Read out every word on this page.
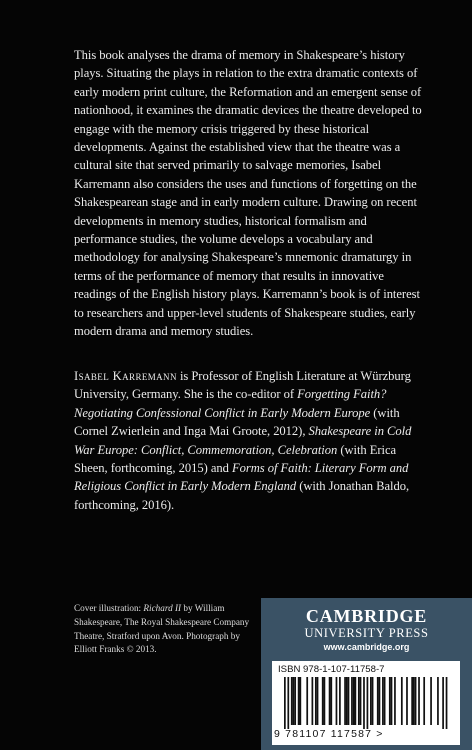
This book analyses the drama of memory in Shakespeare’s history plays. Situating the plays in relation to the extra dramatic contexts of early modern print culture, the Reformation and an emergent sense of nationhood, it examines the dramatic devices the theatre developed to engage with the memory crisis triggered by these historical developments. Against the established view that the theatre was a cultural site that served primarily to salvage memories, Isabel Karremann also considers the uses and functions of forgetting on the Shakespearean stage and in early modern culture. Drawing on recent developments in memory studies, historical formalism and performance studies, the volume develops a vocabulary and methodology for analysing Shakespeare’s mnemonic dramaturgy in terms of the performance of memory that results in innovative readings of the English history plays. Karremann’s book is of interest to researchers and upper-level students of Shakespeare studies, early modern drama and memory studies.

Isabel Karremann is Professor of English Literature at Würzburg University, Germany. She is the co-editor of Forgetting Faith? Negotiating Confessional Conflict in Early Modern Europe (with Cornel Zwierlein and Inga Mai Groote, 2012), Shakespeare in Cold War Europe: Conflict, Commemoration, Celebration (with Erica Sheen, forthcoming, 2015) and Forms of Faith: Literary Form and Religious Conflict in Early Modern England (with Jonathan Baldo, forthcoming, 2016).

Cover illustration: Richard II by William Shakespeare, The Royal Shakespeare Company Theatre, Stratford upon Avon. Photograph by Elliott Franks © 2013.

CAMBRIDGE
UNIVERSITY PRESS
www.cambridge.org
ISBN 978-1-107-11758-7
9 781107 117587 >
